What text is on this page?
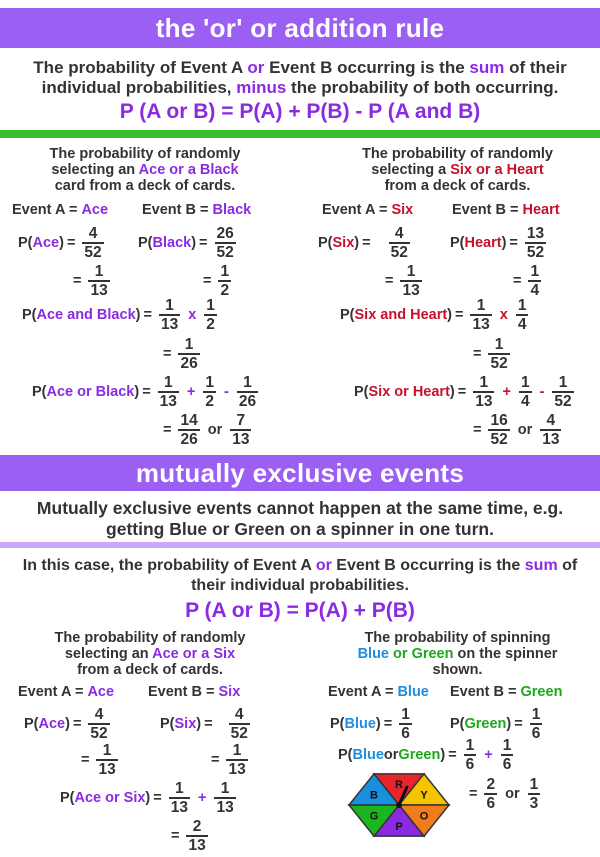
the 'or' or addition rule
The probability of Event A or Event B occurring is the sum of their individual probabilities, minus the probability of both occurring.
P (A or B) = P(A) + P(B) - P (A and B)
The probability of randomly
selecting an Ace or a Black
card from a deck of cards.
Event A =
Ace Event B =
Black
P( Ace ) = $\frac{4}{52}$
= $\frac{1}{13}$
P( Black ) = $\frac{26}{52}$
= $\frac{1}{2}$
P( Ace and Black ) = $\frac{1}{13}$ x $\frac{1}{2}$
= $\frac{1}{26}$
P( Ace or Black ) = $\frac{1}{13} + \frac{1}{2} - \frac{1}{26}$
= $\frac{14}{26}$ or $\frac{7}{13}$
The probability of randomly
selecting a Six or a Heart
from a deck of cards.
Event A =
Six	Event B =
Heart
P( Six ) = $\frac{4}{52}$
= $\frac{1}{13}$
P( Heart ) = $\frac{13}{52}$
= $\frac{1}{4}$
P( Six and Heart ) = $\frac{1}{13}$ x $\frac{1}{4}$
= $\frac{1}{52}$
P( Six or Heart ) = $\frac{1}{13} + \frac{1}{4} - \frac{1}{52}$
= $\frac{16}{52}$ or $\frac{4}{13}$
mutually exclusive events
Mutually exclusive events cannot happen at the same time, e.g. getting Blue or Green on a spinner in one turn.
In this case, the probability of Event A or Event B occurring is the sum of their individual probabilities.
P (A or B) = P(A) + P(B)
The probability of randomly
selecting an Ace or a Six
from a deck of cards.
Event A =
Ace Event B =
Six
P( Ace ) = $\frac{4}{52}$
= $\frac{1}{13}$
P( Six ) = $\frac{4}{52}$
= $\frac{1}{13}$
P( Ace or Six ) = $\frac{1}{13} + \frac{1}{13}$
= $\frac{2}{13}$
The probability of spinning
Blue or Green on the spinner
shown.
Event A =
Blue Event B =
Green
P( Blue ) = $\frac{1}{6}$	P( Green ) = $\frac{1}{6}$
P( Blue or Green ) = $\frac{1}{6} + \frac{1}{6}$
= $\frac{2}{6}$ or $\frac{1}{3}$
R
Y
O
P
G
B
